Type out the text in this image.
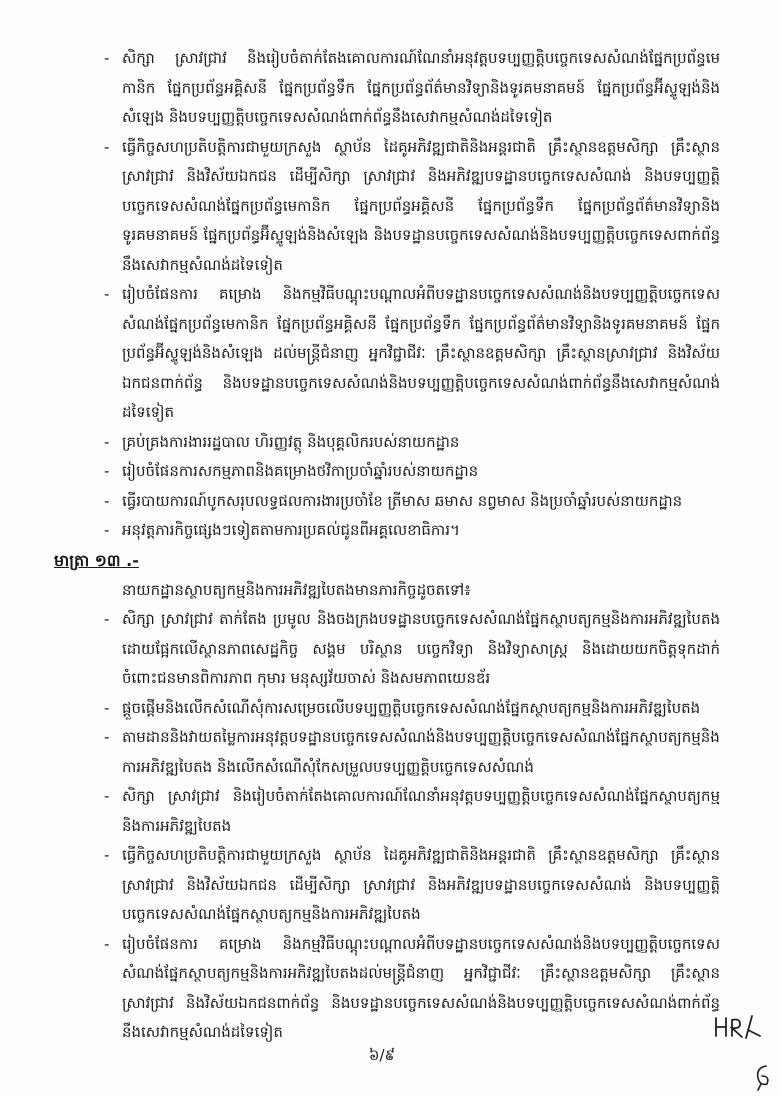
- សិក្សា ស្រាវជ្រាវ និងរៀបចំតាក់តែងគោលការណ៍ណែនាំអនុវត្តបទប្បញ្ញត្តិបច្ចេកទេសសំណង់ផ្នែកប្រព័ន្ធមេកានិក ផ្នែកប្រព័ន្ធអគ្គិសនី ផ្នែកប្រព័ន្ធទឹក ផ្នែកប្រព័ន្ធព័ត៌មានវិទ្យានិងទូរគមនាគមន៍ ផ្នែកប្រព័ន្ធអ៊ីស្ទូឡង់និងសំឡេង និងបទប្បញ្ញត្តិបច្ចេកទេសសំណង់ពាក់ព័ន្ធនឹងសេវាកម្មសំណង់ដទៃទៀត

- ធ្វើកិច្ចសហប្រតិបត្តិការជាមួយក្រសួង ស្ថាប័ន ដៃគូអភិវឌ្ឍជាតិនិងអន្តរជាតិ គ្រឹះស្ថានឧត្តមសិក្សា គ្រឹះស្ថានស្រាវជ្រាវ និងវិស័យឯកជន ដើម្បីសិក្សា ស្រាវជ្រាវ និងអភិវឌ្ឍបទដ្ឋានបច្ចេកទេសសំណង់ និងបទប្បញ្ញត្តិបច្ចេកទេសសំណង់ផ្នែកប្រព័ន្ធមេកានិក ផ្នែកប្រព័ន្ធអគ្គិសនី ផ្នែកប្រព័ន្ធទឹក ផ្នែកប្រព័ន្ធព័ត៌មានវិទ្យានិងទូរគមនាគមន៍ ផ្នែកប្រព័ន្ធអ៊ីស្ទូឡង់និងសំឡេង និងបទដ្ឋានបច្ចេកទេសសំណង់និងបទប្បញ្ញត្តិបច្ចេកទេសពាក់ព័ន្ធនឹងសេវាកម្មសំណង់ដទៃទៀត

- រៀបចំផែនការ គម្រោង និងកម្មវិធីបណ្តុះបណ្តាលអំពីបទដ្ឋានបច្ចេកទេសសំណង់និងបទប្បញ្ញត្តិបច្ចេកទេសសំណង់ផ្នែកប្រព័ន្ធមេកានិក ផ្នែកប្រព័ន្ធអគ្គិសនី ផ្នែកប្រព័ន្ធទឹក ផ្នែកប្រព័ន្ធព័ត៌មានវិទ្យានិងទូរគមនាគមន៍ ផ្នែកប្រព័ន្ធអ៊ីស្ទូឡង់និងសំឡេង ដល់មន្ត្រីជំនាញ អ្នកវិជ្ជាជីវៈ គ្រឹះស្ថានឧត្តមសិក្សា គ្រឹះស្ថានស្រាវជ្រាវ និងវិស័យឯកជនពាក់ព័ន្ធ និងបទដ្ឋានបច្ចេកទេសសំណង់និងបទប្បញ្ញត្តិបច្ចេកទេសសំណង់ពាក់ព័ន្ធនឹងសេវាកម្មសំណង់ដទៃទៀត

- គ្រប់គ្រងការងាររដ្ឋបាល ហិរញ្ញវត្ថុ និងបុគ្គលិករបស់នាយកដ្ឋាន

- រៀបចំផែនការសកម្មភាពនិងគម្រោងថវិកាប្រចាំឆ្នាំរបស់នាយកដ្ឋាន

- ធ្វើរបាយការណ៍បូកសរុបលទ្ធផលការងារប្រចាំខែ ត្រីមាស ឆមាស នព្វមាស និងប្រចាំឆ្នាំរបស់នាយកដ្ឋាន

- អនុវត្តភារកិច្ចផ្សេងៗទៀតតាមការប្រគល់ជូនពីអគ្គលេខាធិការ។

មាត្រា ១៣ .-
នាយកដ្ឋានស្ថាបត្យកម្មនិងការអភិវឌ្ឍបៃតងមានភារកិច្ចដូចតទៅ៖

- សិក្សា ស្រាវជ្រាវ តាក់តែង ប្រមូល និងចងក្រងបទដ្ឋានបច្ចេកទេសសំណង់ផ្នែកស្ថាបត្យកម្មនិងការអភិវឌ្ឍបៃតង ដោយផ្អែកលើស្ថានភាពសេដ្ឋកិច្ច សង្គម បរិស្ថាន បច្ចេកវិទ្យា និងវិទ្យាសាស្ត្រ និងដោយយកចិត្តទុកដាក់ចំពោះជនមានពិការភាព កុមារ មនុស្សវ័យចាស់ និងសមភាពយេនឌ័រ

- ផ្តួចផ្តើមនិងលើកសំណើសុំការសម្រេចលើបទប្បញ្ញត្តិបច្ចេកទេសសំណង់ផ្នែកស្ថាបត្យកម្មនិងការអភិវឌ្ឍបៃតង

- តាមដាននិងវាយតម្លៃការអនុវត្តបទដ្ឋានបច្ចេកទេសសំណង់និងបទប្បញ្ញត្តិបច្ចេកទេសសំណង់ផ្នែកស្ថាបត្យកម្មនិងការអភិវឌ្ឍបៃតង និងលើកសំណើសុំកែសម្រួលបទប្បញ្ញត្តិបច្ចេកទេសសំណង់

- សិក្សា ស្រាវជ្រាវ និងរៀបចំតាក់តែងគោលការណ៍ណែនាំអនុវត្តបទប្បញ្ញត្តិបច្ចេកទេសសំណង់ផ្នែកស្ថាបត្យកម្មនិងការអភិវឌ្ឍបៃតង

- ធ្វើកិច្ចសហប្រតិបត្តិការជាមួយក្រសួង ស្ថាប័ន ដៃគូអភិវឌ្ឍជាតិនិងអន្តរជាតិ គ្រឹះស្ថានឧត្តមសិក្សា គ្រឹះស្ថានស្រាវជ្រាវ និងវិស័យឯកជន ដើម្បីសិក្សា ស្រាវជ្រាវ និងអភិវឌ្ឍបទដ្ឋានបច្ចេកទេសសំណង់ និងបទប្បញ្ញត្តិបច្ចេកទេសសំណង់ផ្នែកស្ថាបត្យកម្មនិងការអភិវឌ្ឍបៃតង

- រៀបចំផែនការ គម្រោង និងកម្មវិធីបណ្តុះបណ្តាលអំពីបទដ្ឋានបច្ចេកទេសសំណង់និងបទប្បញ្ញត្តិបច្ចេកទេសសំណង់ផ្នែកស្ថាបត្យកម្មនិងការអភិវឌ្ឍបៃតងដល់មន្ត្រីជំនាញ អ្នកវិជ្ជាជីវៈ គ្រឹះស្ថានឧត្តមសិក្សា គ្រឹះស្ថានស្រាវជ្រាវ និងវិស័យឯកជនពាក់ព័ន្ធ និងបទដ្ឋានបច្ចេកទេសសំណង់និងបទប្បញ្ញត្តិបច្ចេកទេសសំណង់ពាក់ព័ន្ធនឹងសេវាកម្មសំណង់ដទៃទៀត

៦/៩
